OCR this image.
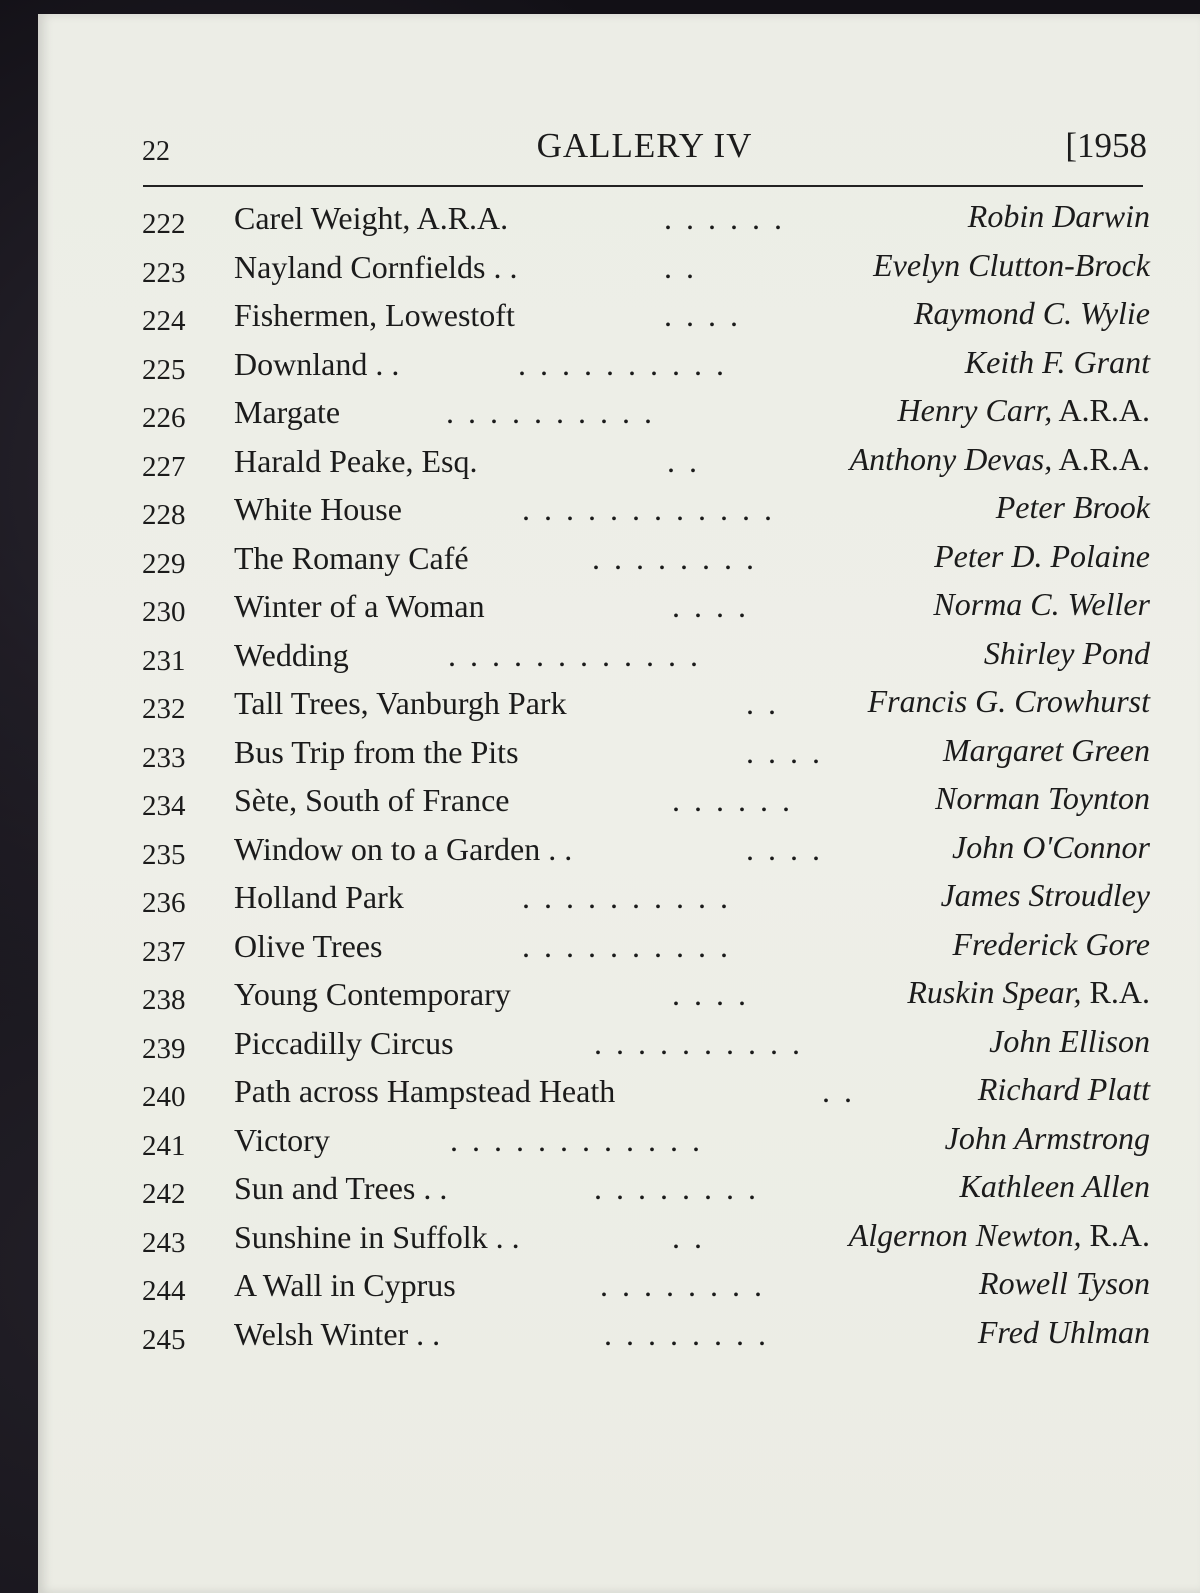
22	GALLERY IV	[1958
222 Carel Weight, A.R.A.	. . . . . .	Robin Darwin
223 Nayland Cornfields . .	. .	Evelyn Clutton-Brock
224 Fishermen, Lowestoft	. . . .	Raymond C. Wylie
225 Downland . .	. . . . . . . . . .	Keith F. Grant
226 Margate	. . . . . . . . . .	Henry Carr, A.R.A.
227 Harald Peake, Esq.	. .	Anthony Devas, A.R.A.
228 White House	. . . . . . . . . . . .	Peter Brook
229 The Romany Café	. . . . . . . .	Peter D. Polaine
230 Winter of a Woman	. . . .	Norma C. Weller
231 Wedding	. . . . . . . . . . . .	Shirley Pond
232 Tall Trees, Vanburgh Park	. .	Francis G. Crowhurst
233 Bus Trip from the Pits	. . . .	Margaret Green
234 Sète, South of France	. . . . . .	Norman Toynton
235 Window on to a Garden . .	. . . .	John O'Connor
236 Holland Park	. . . . . . . . . .	James Stroudley
237 Olive Trees	. . . . . . . . . .	Frederick Gore
238 Young Contemporary	. . . .	Ruskin Spear, R.A.
239 Piccadilly Circus	. . . . . . . . . .	John Ellison
240 Path across Hampstead Heath	. .	Richard Platt
241 Victory	. . . . . . . . . . . .	John Armstrong
242 Sun and Trees . .	. . . . . . . .	Kathleen Allen
243 Sunshine in Suffolk . .	. .	Algernon Newton, R.A.
244 A Wall in Cyprus	. . . . . . . .	Rowell Tyson
245 Welsh Winter . .	. . . . . . . .	Fred Uhlman
